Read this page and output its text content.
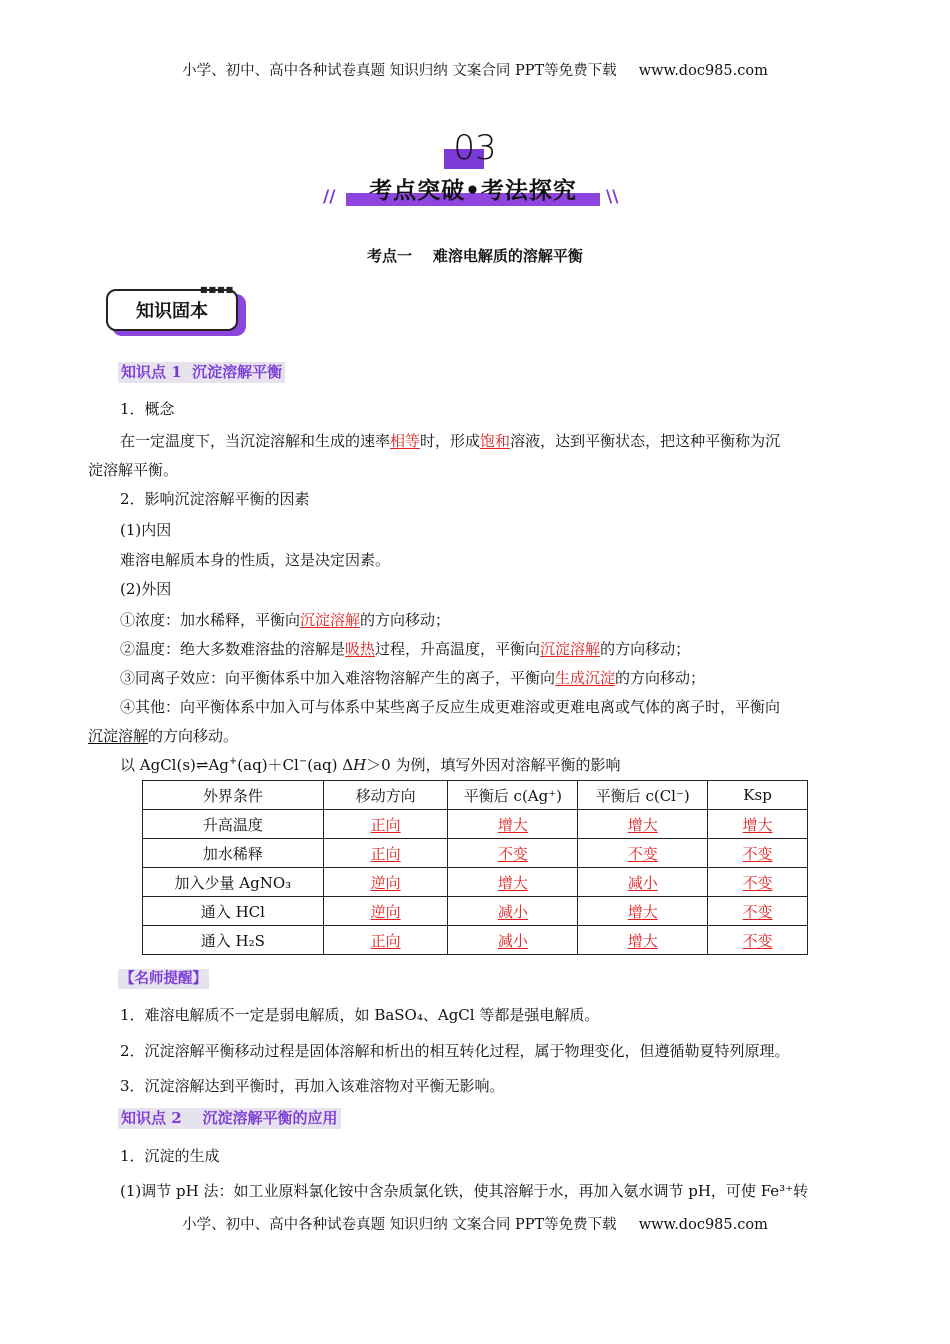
小学、初中、高中各种试卷真题 知识归纳 文案合同 PPT等免费下载 www.doc985.com
03
考点突破•考法探究
//	\\
考点一    难溶电解质的溶解平衡
■■■■
知识固本
知识点 1  沉淀溶解平衡
1．概念
在一定温度下，当沉淀溶解和生成的速率相等时，形成饱和溶液，达到平衡状态，把这种平衡称为沉
淀溶解平衡。
2．影响沉淀溶解平衡的因素
(1)内因
难溶电解质本身的性质，这是决定因素。
(2)外因
①浓度：加水稀释，平衡向沉淀溶解的方向移动；
②温度：绝大多数难溶盐的溶解是吸热过程，升高温度，平衡向沉淀溶解的方向移动；
③同离子效应：向平衡体系中加入难溶物溶解产生的离子，平衡向生成沉淀的方向移动；
④其他：向平衡体系中加入可与体系中某些离子反应生成更难溶或更难电离或气体的离子时，平衡向
沉淀溶解的方向移动。
以 AgCl(s)⇌Ag+(aq)＋Cl−(aq) ΔH＞0 为例，填写外因对溶解平衡的影响
外界条件	移动方向	平衡后 c(Ag⁺)	平衡后 c(Cl⁻)	Ksp
升高温度	正向	增大	增大	增大
加水稀释	正向	不变	不变	不变
加入少量 AgNO₃	逆向	增大	减小	不变
通入 HCl	逆向	减小	增大	不变
通入 H₂S	正向	减小	增大	不变
【名师提醒】
1．难溶电解质不一定是弱电解质，如 BaSO₄、AgCl 等都是强电解质。
2．沉淀溶解平衡移动过程是固体溶解和析出的相互转化过程，属于物理变化，但遵循勒夏特列原理。
3．沉淀溶解达到平衡时，再加入该难溶物对平衡无影响。
知识点 2    沉淀溶解平衡的应用
1．沉淀的生成
(1)调节 pH 法：如工业原料氯化铵中含杂质氯化铁，使其溶解于水，再加入氨水调节 pH，可使 Fe³⁺转
小学、初中、高中各种试卷真题 知识归纳 文案合同 PPT等免费下载 www.doc985.com
